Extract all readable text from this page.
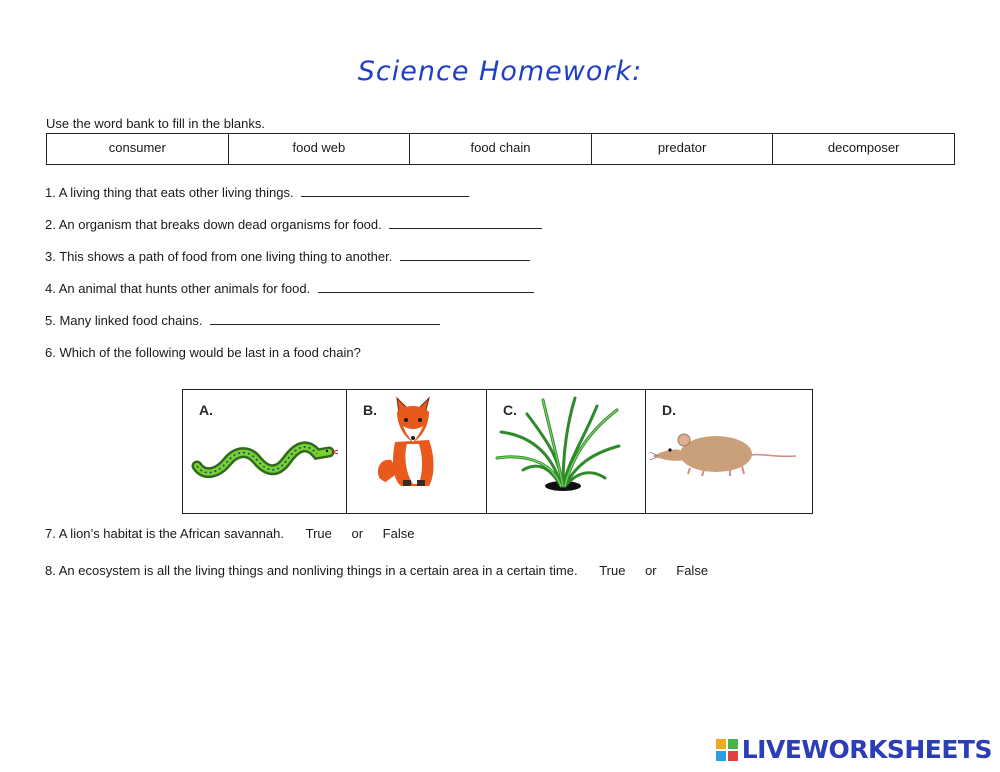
Science Homework:
Use the word bank to fill in the blanks.
consumer	food web	food chain	predator	decomposer
1. A living thing that eats other living things.
2. An organism that breaks down dead organisms for food.
3. This shows a path of food from one living thing to another.
4. An animal that hunts other animals for food.
5. Many linked food chains.
6. Which of the following would be last in a food chain?
A.	B.	C.	D.
7. A lion’s habitat is the African savannah. True or False
8. An ecosystem is all the living things and nonliving things in a certain area in a certain time. True or False
LIVEWORKSHEETS
